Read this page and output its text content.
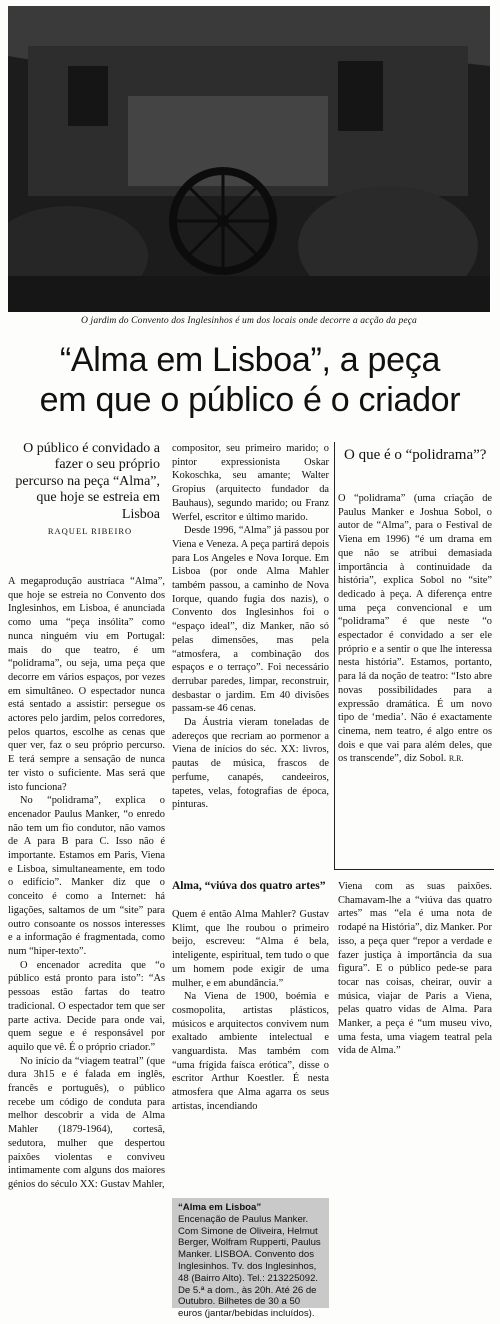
O jardim do Convento dos Inglesinhos é um dos locais onde decorre a acção da peça
“Alma em Lisboa”, a peça
em que o público é o criador
O público é convidado a fazer o seu próprio percurso na peça “Alma”, que hoje se estreia em Lisboa
RAQUEL RIBEIRO

A megaprodução austríaca “Alma”, que hoje se estreia no Convento dos Inglesinhos, em Lisboa, é anunciada como uma “peça insólita” como nunca ninguém viu em Portugal: mais do que teatro, é um “polidrama”, ou seja, uma peça que decorre em vários espaços, por vezes em simultâneo. O espectador nunca está sentado a assistir: persegue os actores pelo jardim, pelos corredores, pelos quartos, escolhe as cenas que quer ver, faz o seu próprio percurso. E terá sempre a sensação de nunca ter visto o suficiente. Mas será que isto funciona?

No “polidrama”, explica o encenador Paulus Manker, “o enredo não tem um fio condutor, não vamos de A para B para C. Isso não é importante. Estamos em Paris, Viena e Lisboa, simultaneamente, em todo o edifício”. Manker diz que o conceito é como a Internet: há ligações, saltamos de um “site” para outro consoante os nossos interesses e a informação é fragmentada, como num “hiper-texto”.

O encenador acredita que “o público está pronto para isto”: “As pessoas estão fartas do teatro tradicional. O espectador tem que ser parte activa. Decide para onde vai, quem segue e é responsável por aquilo que vê. É o próprio criador.”

No início da “viagem teatral” (que dura 3h15 e é falada em inglês, francês e português), o público recebe um código de conduta para melhor descobrir a vida de Alma Mahler (1879-1964), cortesã, sedutora, mulher que despertou paixões violentas e conviveu intimamente com alguns dos maiores génios do século XX: Gustav Mahler,

compositor, seu primeiro marido; o pintor expressionista Oskar Kokoschka, seu amante; Walter Gropius (arquitecto fundador da Bauhaus), segundo marido; ou Franz Werfel, escritor e último marido.

Desde 1996, “Alma” já passou por Viena e Veneza. A peça partirá depois para Los Angeles e Nova Iorque. Em Lisboa (por onde Alma Mahler também passou, a caminho de Nova Iorque, quando fugia dos nazis), o Convento dos Inglesinhos foi o “espaço ideal”, diz Manker, não só pelas dimensões, mas pela “atmosfera, a combinação dos espaços e o terraço”. Foi necessário derrubar paredes, limpar, reconstruir, desbastar o jardim. Em 40 divisões passam-se 46 cenas.

Da Áustria vieram toneladas de adereços que recriam ao pormenor a Viena de inícios do séc. XX: livros, pautas de música, frascos de perfume, canapés, candeeiros, tapetes, velas, fotografias de época, pinturas.

Alma, “viúva dos quatro artes”

Quem é então Alma Mahler? Gustav Klimt, que lhe roubou o primeiro beijo, escreveu: “Alma é bela, inteligente, espiritual, tem tudo o que um homem pode exigir de uma mulher, e em abundância.”

Na Viena de 1900, boémia e cosmopolita, artistas plásticos, músicos e arquitectos convivem num exaltado ambiente intelectual e vanguardista. Mas também com “uma frígida faísca erótica”, disse o escritor Arthur Koestler. É nesta atmosfera que Alma agarra os seus artistas, incendiando

“Alma em Lisboa”
Encenação de Paulus Manker. Com Simone de Oliveira, Helmut Berger, Wolfram Rupperti, Paulus Manker. LISBOA. Convento dos Inglesinhos. Tv. dos Inglesinhos, 48 (Bairro Alto). Tel.: 213225092. De 5.ª a dom., às 20h. Até 26 de Outubro. Bilhetes de 30 a 50 euros (jantar/bebidas incluídos).
O que é o “polidrama”?

O “polidrama” (uma criação de Paulus Manker e Joshua Sobol, o autor de “Alma”, para o Festival de Viena em 1996) “é um drama em que não se atribui demasiada importância à continuidade da história”, explica Sobol no “site” dedicado à peça. A diferença entre uma peça convencional e um “polidrama” é que neste “o espectador é convidado a ser ele próprio e a sentir o que lhe interessa nesta história”. Estamos, portanto, para lá da noção de teatro: “Isto abre novas possibilidades para a expressão dramática. É um novo tipo de ‘media’. Não é exactamente cinema, nem teatro, é algo entre os dois e que vai para além deles, que os transcende”, diz Sobol. R.R.

Viena com as suas paixões. Chamavam-lhe a “viúva das quatro artes” mas “ela é uma nota de rodapé na História”, diz Manker. Por isso, a peça quer “repor a verdade e fazer justiça à importância da sua figura”. E o público pede-se para tocar nas coisas, cheirar, ouvir a música, viajar de Paris a Viena, pelas quatro vidas de Alma. Para Manker, a peça é “um museu vivo, uma festa, uma viagem teatral pela vida de Alma.”
